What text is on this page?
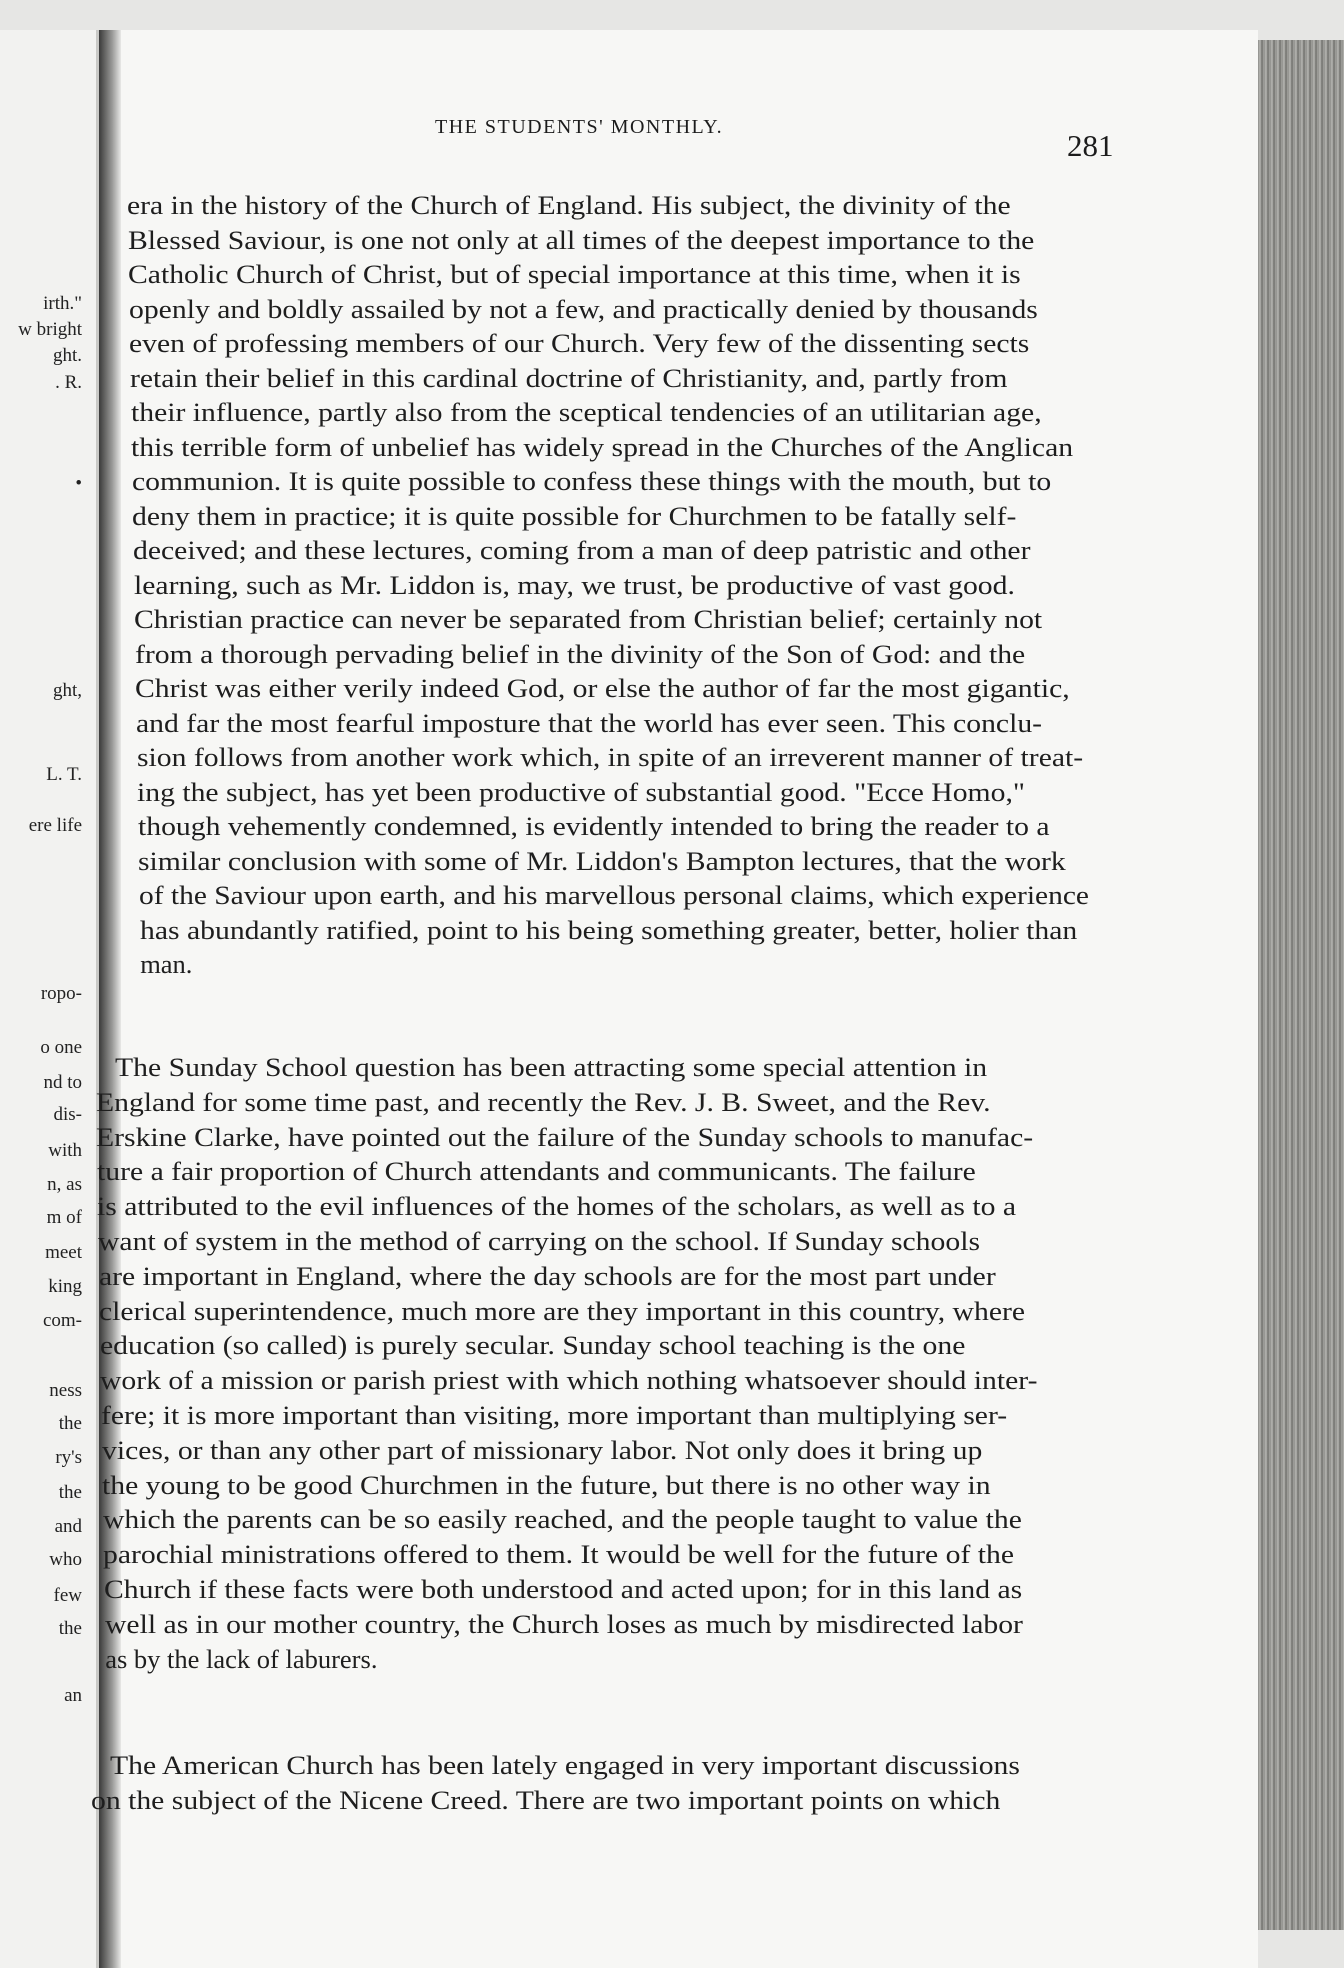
irth."
w bright
ght.
. R.
•
ght,
L. T.
ere life
ropo-
o one
nd to
dis-
with
n, as
m of
meet
king
com-
ness
the
ry's
the
and
who
few
the
an
THE STUDENTS' MONTHLY.
281
era in the history of the Church of England. His subject, the divinity of the
Blessed Saviour, is one not only at all times of the deepest importance to the
Catholic Church of Christ, but of special importance at this time, when it is
openly and boldly assailed by not a few, and practically denied by thousands
even of professing members of our Church. Very few of the dissenting sects
retain their belief in this cardinal doctrine of Christianity, and, partly from
their influence, partly also from the sceptical tendencies of an utilitarian age,
this terrible form of unbelief has widely spread in the Churches of the Anglican
communion. It is quite possible to confess these things with the mouth, but to
deny them in practice; it is quite possible for Churchmen to be fatally self-
deceived; and these lectures, coming from a man of deep patristic and other
learning, such as Mr. Liddon is, may, we trust, be productive of vast good.
Christian practice can never be separated from Christian belief; certainly not
from a thorough pervading belief in the divinity of the Son of God: and the
Christ was either verily indeed God, or else the author of far the most gigantic,
and far the most fearful imposture that the world has ever seen. This conclu-
sion follows from another work which, in spite of an irreverent manner of treat-
ing the subject, has yet been productive of substantial good. "Ecce Homo,"
though vehemently condemned, is evidently intended to bring the reader to a
similar conclusion with some of Mr. Liddon's Bampton lectures, that the work
of the Saviour upon earth, and his marvellous personal claims, which experience
has abundantly ratified, point to his being something greater, better, holier than
man.
The Sunday School question has been attracting some special attention in
England for some time past, and recently the Rev. J. B. Sweet, and the Rev.
Erskine Clarke, have pointed out the failure of the Sunday schools to manufac-
ture a fair proportion of Church attendants and communicants. The failure
is attributed to the evil influences of the homes of the scholars, as well as to a
want of system in the method of carrying on the school. If Sunday schools
are important in England, where the day schools are for the most part under
clerical superintendence, much more are they important in this country, where
education (so called) is purely secular. Sunday school teaching is the one
work of a mission or parish priest with which nothing whatsoever should inter-
fere; it is more important than visiting, more important than multiplying ser-
vices, or than any other part of missionary labor. Not only does it bring up
the young to be good Churchmen in the future, but there is no other way in
which the parents can be so easily reached, and the people taught to value the
parochial ministrations offered to them. It would be well for the future of the
Church if these facts were both understood and acted upon; for in this land as
well as in our mother country, the Church loses as much by misdirected labor
as by the lack of laburers.
The American Church has been lately engaged in very important discussions
on the subject of the Nicene Creed. There are two important points on which
